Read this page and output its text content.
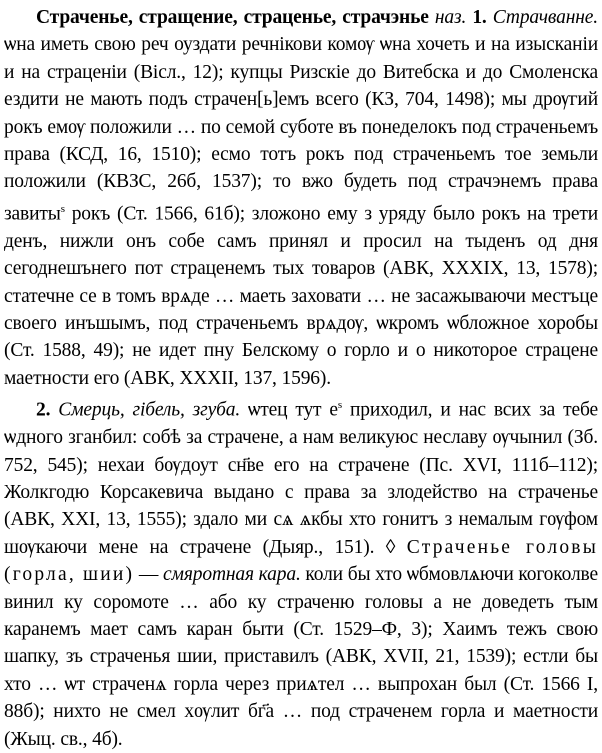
Страченье, стращение, страценье, страчэнье наз. 1. Страчванне. ѡна иметь свою реч оуздати речнікови комѹ ѡна хочеть и на изысканіи и на страценіи (Вісл., 12); купцы Ризскіе до Витебска и до Смоленска ездити не мають подъ страчен[ь]емъ всего (КЗ, 704, 1498); мы дрѹгий рокъ емѹ положили … по семой суботе въ понеделокъ под страченьемъ права (КСД, 16, 1510); есмо тотъ рокъ под страченьемъ тое земьли положили (КВЗС, 26б, 1537); то вжо будеть под страчэнемъ права завиты$^s$ рокъ (Ст. 1566, 61б); зложоно ему з уряду было рокъ на трети денъ, нижли онъ собе самъ принял и просил на тыденъ од дня сегоднешънего пот страценемъ тых товаров (АВК, XXXIX, 13, 1578); статечне се в томъ врѧде … маеть заховати … не засажываючи местъце своего инъшымъ, под страченьемъ врѧдѹ, ѡкромъ ѡбложное хоробы (Ст. 1588, 49); не идет пну Белскому о горло и о никоторое страцене маетности его (АВК, XXXII, 137, 1596).

2. Смерць, гібель, згуба. ѡтец тут $е^s$ приходил, и нас всих за тебе ѡдного зганбил: собѣ за страчене, а нам великуюс неславу ѹчынил (Зб. 752, 545); нехаи бѹдоут сн҃ве его на страчене (Пс. XVI, 111б–112); Жолкгодю Корсакевича выдано с права за злодейство на страченье (АВК, XXI, 13, 1555); здало ми сѧ ѧкбы хто гонитъ з немалым гѹфом шѹкаючи мене на страчене (Дыяр., 151). ◊ Страченье головы (горла, шии) — смяротная кара. коли бы хто ѡбмовлѧючи когоколве винил ку соромоте … або ку страченю головы а не доведеть тым каранемъ мает самъ каран быти (Ст. 1529–Ф, 3); Хаимъ тежъ свою шапку, зъ страченья шии, приставилъ (АВК, XVII, 21, 1539); естли бы хто … ѡт страченѧ горла через приѧтел … выпрохан был (Ст. 1566 I, 88б); нихто не смел хѹлит бг҃а … под страченем горла и маетности (Жыц. св., 4б).
